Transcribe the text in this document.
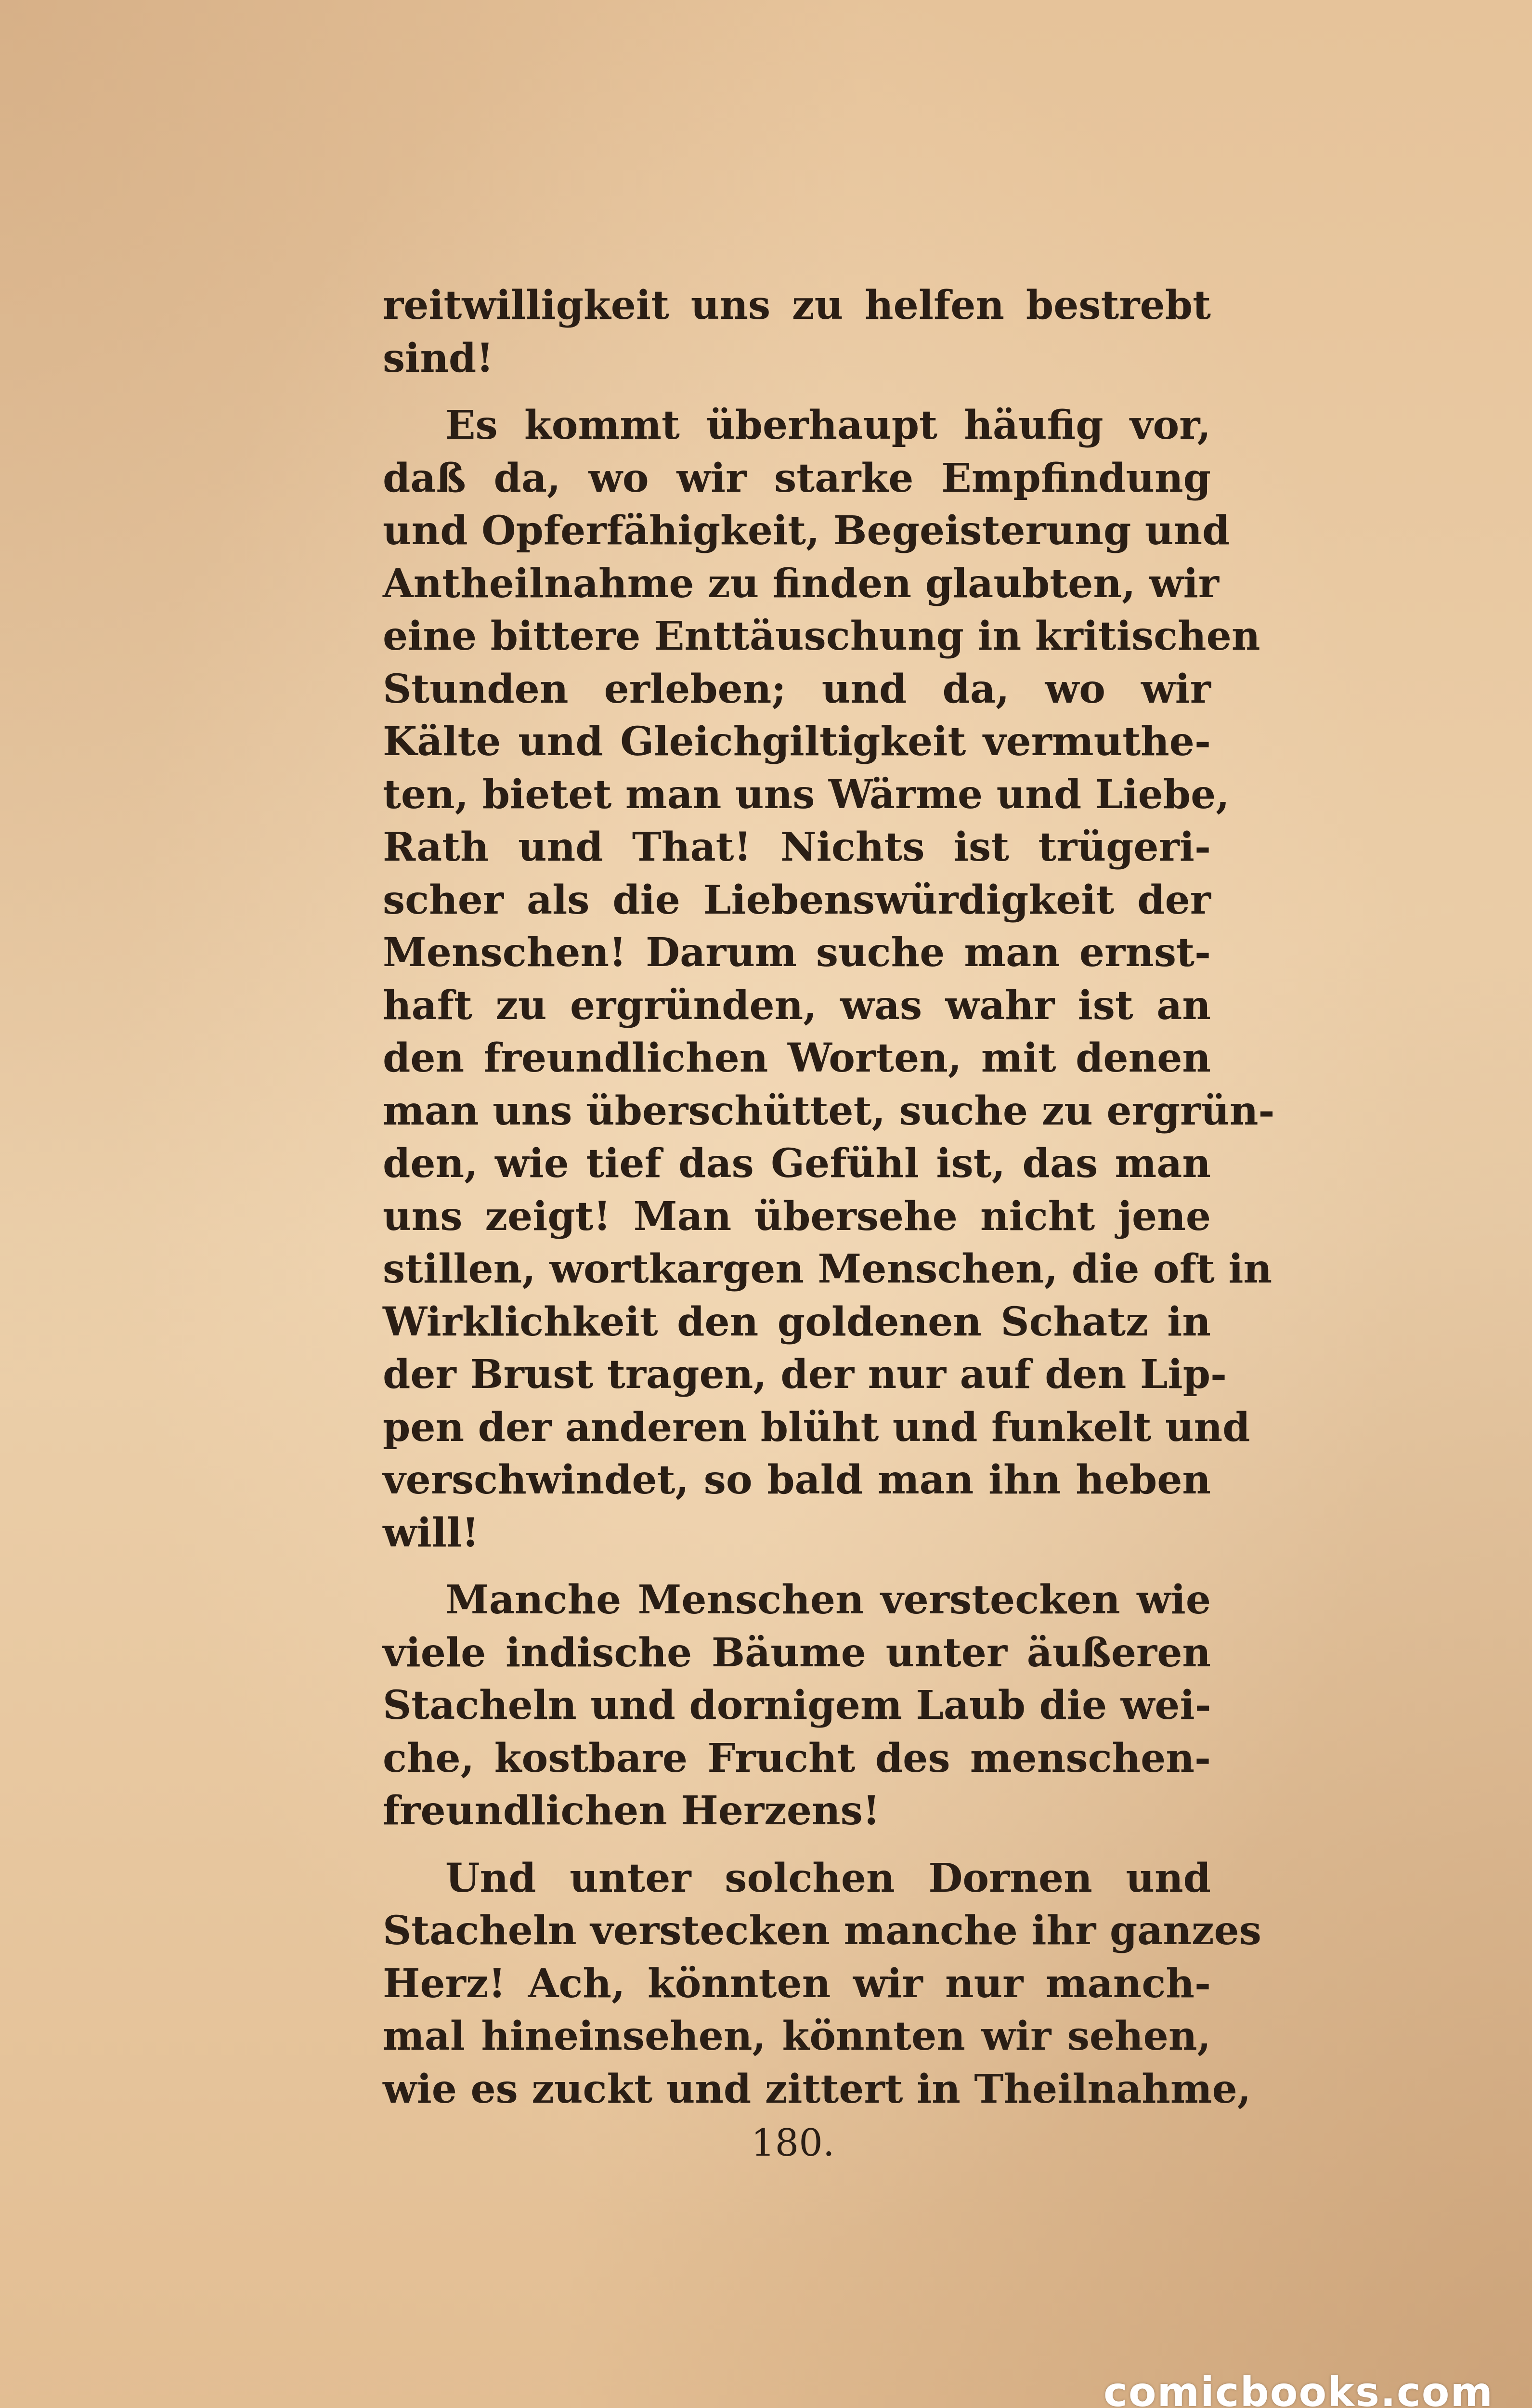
reitwilligkeit uns zu helfen bestrebt
sind!
Es kommt überhaupt häufig vor,
daß da, wo wir starke Empfindung
und Opferfähigkeit, Begeisterung und
Antheilnahme zu finden glaubten, wir
eine bittere Enttäuschung in kritischen
Stunden erleben; und da, wo wir
Kälte und Gleichgiltigkeit vermuthe-
ten, bietet man uns Wärme und Liebe,
Rath und That! Nichts ist trügeri-
scher als die Liebenswürdigkeit der
Menschen! Darum suche man ernst-
haft zu ergründen, was wahr ist an
den freundlichen Worten, mit denen
man uns überschüttet, suche zu ergrün-
den, wie tief das Gefühl ist, das man
uns zeigt! Man übersehe nicht jene
stillen, wortkargen Menschen, die oft in
Wirklichkeit den goldenen Schatz in
der Brust tragen, der nur auf den Lip-
pen der anderen blüht und funkelt und
verschwindet, so bald man ihn heben
will!
Manche Menschen verstecken wie
viele indische Bäume unter äußeren
Stacheln und dornigem Laub die wei-
che, kostbare Frucht des menschen-
freundlichen Herzens!
Und unter solchen Dornen und
Stacheln verstecken manche ihr ganzes
Herz! Ach, könnten wir nur manch-
mal hineinsehen, könnten wir sehen,
wie es zuckt und zittert in Theilnahme,
180.
comicbooks.com
